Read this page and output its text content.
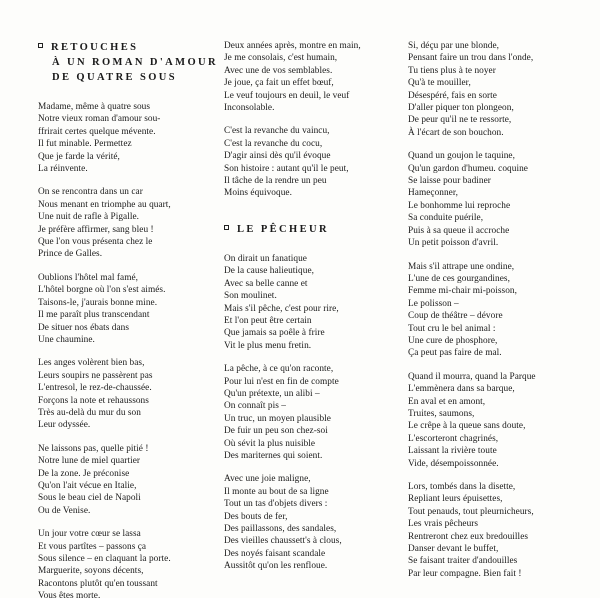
RETOUCHES
À UN ROMAN D'AMOUR
DE QUATRE SOUS

Madame, même à quatre sous
Notre vieux roman d'amour sou-
ffrirait certes quelque mévente.
Il fut minable. Permettez
Que je farde la vérité,
La réinvente.

On se rencontra dans un car
Nous menant en triomphe au quart,
Une nuit de rafle à Pigalle.
Je préfère affirmer, sang bleu !
Que l'on vous présenta chez le
Prince de Galles.

Oublions l'hôtel mal famé,
L'hôtel borgne où l'on s'est aimés.
Taisons-le, j'aurais bonne mine.
Il me paraît plus transcendant
De situer nos ébats dans
Une chaumine.

Les anges volèrent bien bas,
Leurs soupirs ne passèrent pas
L'entresol, le rez-de-chaussée.
Forçons la note et rehaussons
Très au-delà du mur du son
Leur odyssée.

Ne laissons pas, quelle pitié !
Notre lune de miel quartier
De la zone. Je préconise
Qu'on l'ait vécue en Italie,
Sous le beau ciel de Napoli
Ou de Venise.

Un jour votre cœur se lassa
Et vous partîtes – passons ça
Sous silence – en claquant la porte.
Marguerite, soyons décents,
Racontons plutôt qu'en toussant
Vous êtes morte.

Deux années après, montre en main,
Je me consolais, c'est humain,
Avec une de vos semblables.
Je joue, ça fait un effet bœuf,
Le veuf toujours en deuil, le veuf
Inconsolable.

C'est la revanche du vaincu,
C'est la revanche du cocu,
D'agir ainsi dès qu'il évoque
Son histoire : autant qu'il le peut,
Il tâche de la rendre un peu
Moins équivoque.

LE PÊCHEUR

On dirait un fanatique
De la cause halieutique,
Avec sa belle canne et
Son moulinet.
Mais s'il pêche, c'est pour rire,
Et l'on peut être certain
Que jamais sa poêle à frire
Vit le plus menu fretin.

La pêche, à ce qu'on raconte,
Pour lui n'est en fin de compte
Qu'un prétexte, un alibi –
On connaît pis –
Un truc, un moyen plausible
De fuir un peu son chez-soi
Où sévit la plus nuisible
Des mariternes qui soient.

Avec une joie maligne,
Il monte au bout de sa ligne
Tout un tas d'objets divers :
Des bouts de fer,
Des paillassons, des sandales,
Des vieilles chaussett's à clous,
Des noyés faisant scandale
Aussitôt qu'on les renfloue.

Si, déçu par une blonde,
Pensant faire un trou dans l'onde,
Tu tiens plus à te noyer
Qu'à te mouiller,
Désespéré, fais en sorte
D'aller piquer ton plongeon,
De peur qu'il ne te ressorte,
À l'écart de son bouchon.

Quand un goujon le taquine,
Qu'un gardon d'humeu. coquine
Se laisse pour badiner
Hameçonner,
Le bonhomme lui reproche
Sa conduite puérile,
Puis à sa queue il accroche
Un petit poisson d'avril.

Mais s'il attrape une ondine,
L'une de ces gourgandines,
Femme mi-chair mi-poisson,
Le polisson –
Coup de théâtre – dévore
Tout cru le bel animal :
Une cure de phosphore,
Ça peut pas faire de mal.

Quand il mourra, quand la Parque
L'emmènera dans sa barque,
En aval et en amont,
Truites, saumons,
Le crêpe à la queue sans doute,
L'escorteront chagrinés,
Laissant la rivière toute
Vide, désempoissonnée.

Lors, tombés dans la disette,
Repliant leurs épuisettes,
Tout penauds, tout pleurnicheurs,
Les vrais pêcheurs
Rentreront chez eux bredouilles
Danser devant le buffet,
Se faisant traiter d'andouilles
Par leur compagne. Bien fait !
